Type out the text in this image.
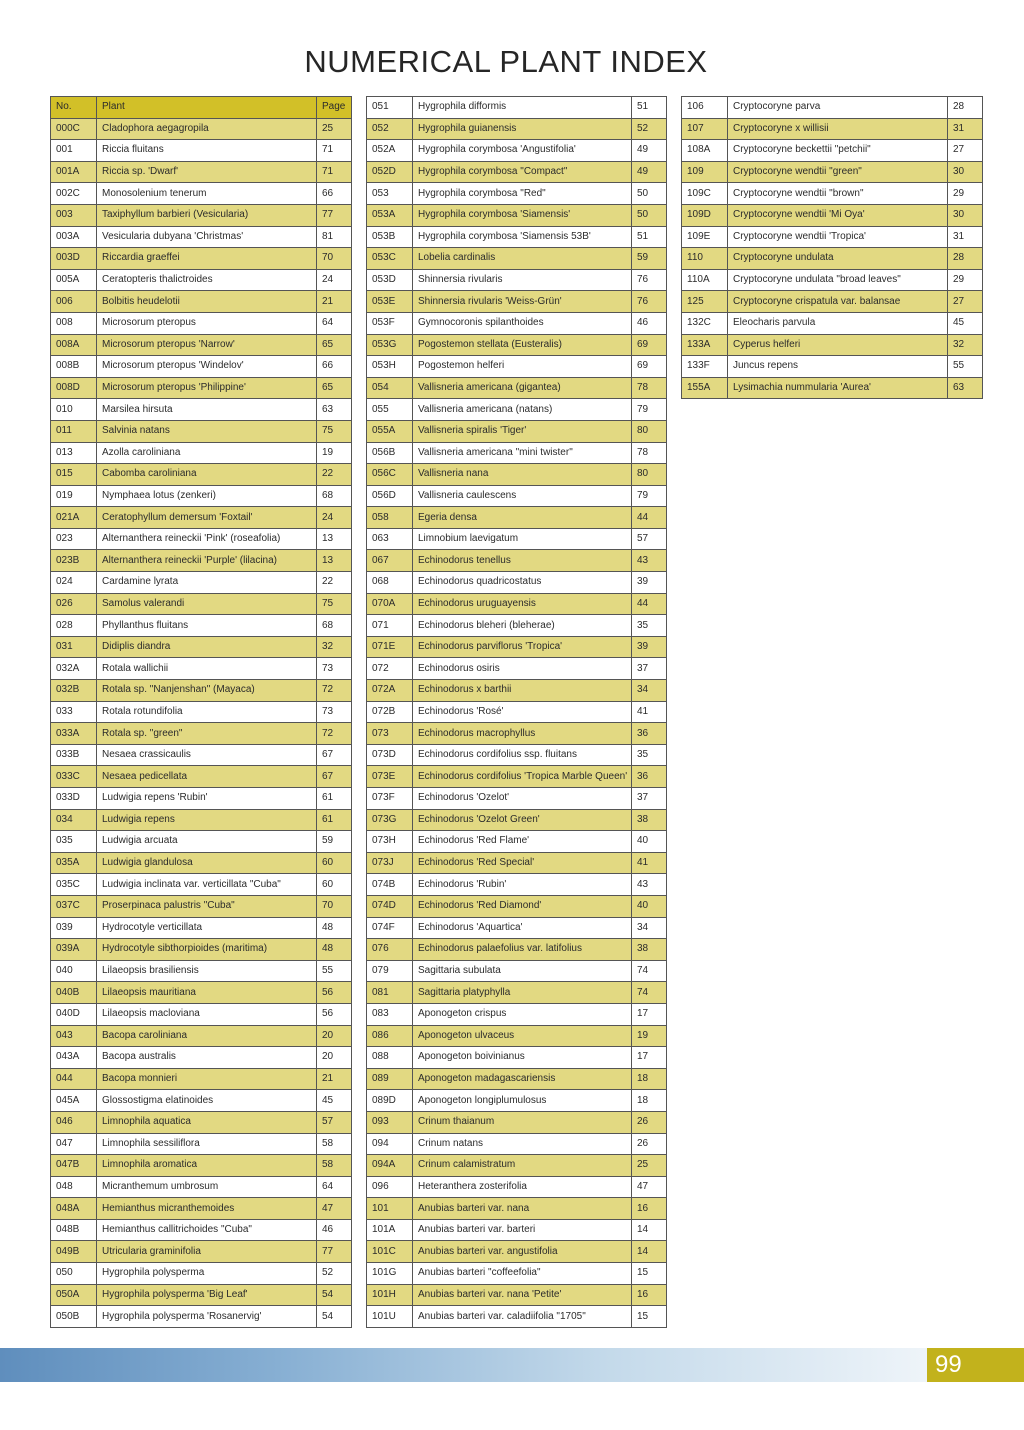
NUMERICAL PLANT INDEX
No.	Plant	Page
000C	Cladophora aegagropila	25
001	Riccia fluitans	71
001A	Riccia sp. 'Dwarf'	71
002C	Monosolenium tenerum	66
003	Taxiphyllum barbieri (Vesicularia)	77
003A	Vesicularia dubyana 'Christmas'	81
003D	Riccardia graeffei	70
005A	Ceratopteris thalictroides	24
006	Bolbitis heudelotii	21
008	Microsorum pteropus	64
008A	Microsorum pteropus 'Narrow'	65
008B	Microsorum pteropus 'Windelov'	66
008D	Microsorum pteropus 'Philippine'	65
010	Marsilea hirsuta	63
011	Salvinia natans	75
013	Azolla caroliniana	19
015	Cabomba caroliniana	22
019	Nymphaea lotus (zenkeri)	68
021A	Ceratophyllum demersum 'Foxtail'	24
023	Alternanthera reineckii 'Pink' (roseafolia)	13
023B	Alternanthera reineckii 'Purple' (lilacina)	13
024	Cardamine lyrata	22
026	Samolus valerandi	75
028	Phyllanthus fluitans	68
031	Didiplis diandra	32
032A	Rotala wallichii	73
032B	Rotala sp. "Nanjenshan" (Mayaca)	72
033	Rotala rotundifolia	73
033A	Rotala sp. "green"	72
033B	Nesaea crassicaulis	67
033C	Nesaea pedicellata	67
033D	Ludwigia repens 'Rubin'	61
034	Ludwigia repens	61
035	Ludwigia arcuata	59
035A	Ludwigia glandulosa	60
035C	Ludwigia inclinata var. verticillata "Cuba"	60
037C	Proserpinaca palustris "Cuba"	70
039	Hydrocotyle verticillata	48
039A	Hydrocotyle sibthorpioides (maritima)	48
040	Lilaeopsis brasiliensis	55
040B	Lilaeopsis mauritiana	56
040D	Lilaeopsis macloviana	56
043	Bacopa caroliniana	20
043A	Bacopa australis	20
044	Bacopa monnieri	21
045A	Glossostigma elatinoides	45
046	Limnophila aquatica	57
047	Limnophila sessiliflora	58
047B	Limnophila aromatica	58
048	Micranthemum umbrosum	64
048A	Hemianthus micranthemoides	47
048B	Hemianthus callitrichoides "Cuba"	46
049B	Utricularia graminifolia	77
050	Hygrophila polysperma	52
050A	Hygrophila polysperma 'Big Leaf'	54
050B	Hygrophila polysperma 'Rosanervig'	54
051	Hygrophila difformis	51
052	Hygrophila guianensis	52
052A	Hygrophila corymbosa 'Angustifolia'	49
052D	Hygrophila corymbosa "Compact"	49
053	Hygrophila corymbosa "Red"	50
053A	Hygrophila corymbosa 'Siamensis'	50
053B	Hygrophila corymbosa 'Siamensis 53B'	51
053C	Lobelia cardinalis	59
053D	Shinnersia rivularis	76
053E	Shinnersia rivularis 'Weiss-Grün'	76
053F	Gymnocoronis spilanthoides	46
053G	Pogostemon stellata (Eusteralis)	69
053H	Pogostemon helferi	69
054	Vallisneria americana (gigantea)	78
055	Vallisneria americana (natans)	79
055A	Vallisneria spiralis 'Tiger'	80
056B	Vallisneria americana "mini twister"	78
056C	Vallisneria nana	80
056D	Vallisneria caulescens	79
058	Egeria densa	44
063	Limnobium laevigatum	57
067	Echinodorus tenellus	43
068	Echinodorus quadricostatus	39
070A	Echinodorus uruguayensis	44
071	Echinodorus bleheri (bleherae)	35
071E	Echinodorus parviflorus 'Tropica'	39
072	Echinodorus osiris	37
072A	Echinodorus x barthii	34
072B	Echinodorus 'Rosé'	41
073	Echinodorus macrophyllus	36
073D	Echinodorus cordifolius ssp. fluitans	35
073E	Echinodorus cordifolius 'Tropica Marble Queen'	36
073F	Echinodorus 'Ozelot'	37
073G	Echinodorus 'Ozelot Green'	38
073H	Echinodorus 'Red Flame'	40
073J	Echinodorus 'Red Special'	41
074B	Echinodorus 'Rubin'	43
074D	Echinodorus 'Red Diamond'	40
074F	Echinodorus 'Aquartica'	34
076	Echinodorus palaefolius var. latifolius	38
079	Sagittaria subulata	74
081	Sagittaria platyphylla	74
083	Aponogeton crispus	17
086	Aponogeton ulvaceus	19
088	Aponogeton boivinianus	17
089	Aponogeton madagascariensis	18
089D	Aponogeton longiplumulosus	18
093	Crinum thaianum	26
094	Crinum natans	26
094A	Crinum calamistratum	25
096	Heteranthera zosterifolia	47
101	Anubias barteri var. nana	16
101A	Anubias barteri var. barteri	14
101C	Anubias barteri var. angustifolia	14
101G	Anubias barteri "coffeefolia"	15
101H	Anubias barteri var. nana 'Petite'	16
101U	Anubias barteri var. caladiifolia "1705"	15
106	Cryptocoryne parva	28
107	Cryptocoryne x willisii	31
108A	Cryptocoryne beckettii "petchii"	27
109	Cryptocoryne wendtii "green"	30
109C	Cryptocoryne wendtii "brown"	29
109D	Cryptocoryne wendtii 'Mi Oya'	30
109E	Cryptocoryne wendtii 'Tropica'	31
110	Cryptocoryne undulata	28
110A	Cryptocoryne undulata "broad leaves"	29
125	Cryptocoryne crispatula var. balansae	27
132C	Eleocharis parvula	45
133A	Cyperus helferi	32
133F	Juncus repens	55
155A	Lysimachia nummularia 'Aurea'	63
99
